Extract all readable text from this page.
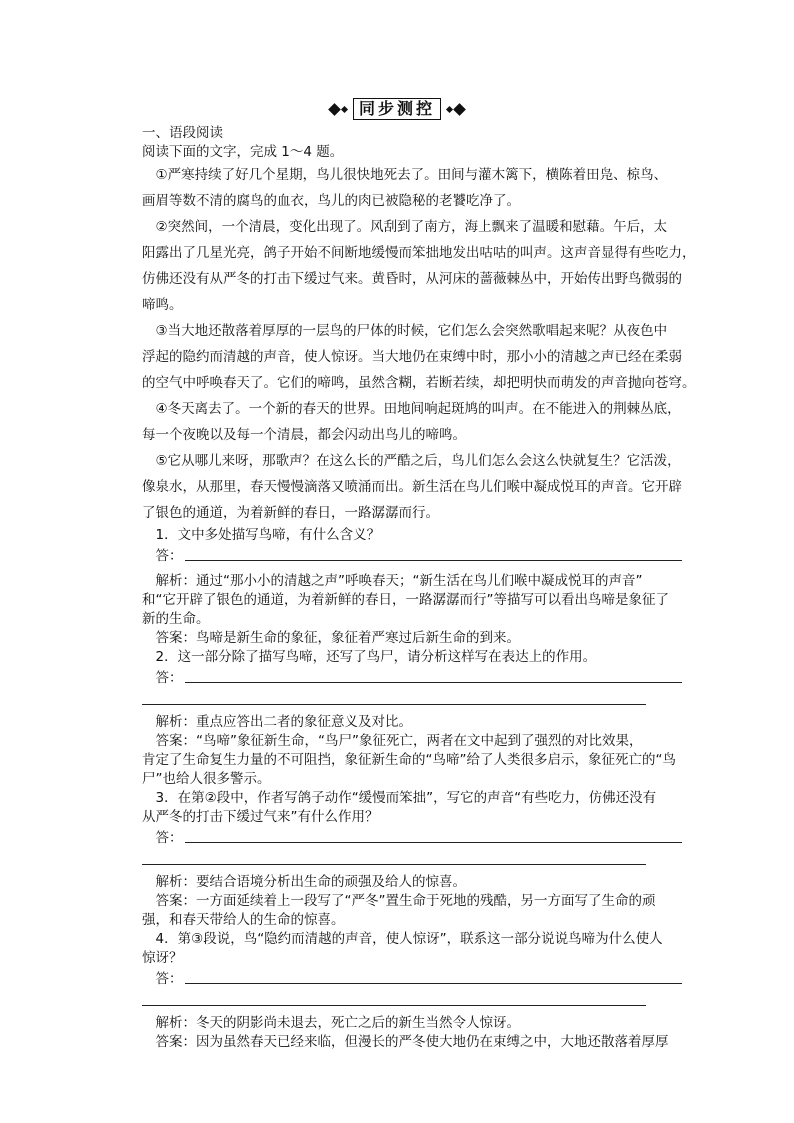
同步测控
一、语段阅读
阅读下面的文字，完成 1～4 题。
　①严寒持续了好几个星期，鸟儿很快地死去了。田间与灌木篱下，横陈着田凫、椋鸟、
画眉等数不清的腐鸟的血衣，鸟儿的肉已被隐秘的老饕吃净了。
　②突然间，一个清晨，变化出现了。风刮到了南方，海上飘来了温暖和慰藉。午后，太
阳露出了几星光亮，鸽子开始不间断地缓慢而笨拙地发出咕咕的叫声。这声音显得有些吃力，
仿佛还没有从严冬的打击下缓过气来。黄昏时，从河床的蔷薇棘丛中，开始传出野鸟微弱的
啼鸣。
　③当大地还散落着厚厚的一层鸟的尸体的时候，它们怎么会突然歌唱起来呢？从夜色中
浮起的隐约而清越的声音，使人惊讶。当大地仍在束缚中时，那小小的清越之声已经在柔弱
的空气中呼唤春天了。它们的啼鸣，虽然含糊，若断若续，却把明快而萌发的声音抛向苍穹。
　④冬天离去了。一个新的春天的世界。田地间响起斑鸠的叫声。在不能进入的荆棘丛底，
每一个夜晚以及每一个清晨，都会闪动出鸟儿的啼鸣。
　⑤它从哪儿来呀，那歌声？在这么长的严酷之后，鸟儿们怎么会这么快就复生？它活泼，
像泉水，从那里，春天慢慢滴落又喷涌而出。新生活在鸟儿们喉中凝成悦耳的声音。它开辟
了银色的通道，为着新鲜的春日，一路潺潺而行。
　1．文中多处描写鸟啼，有什么含义？
　答：
　解析：通过“那小小的清越之声”呼唤春天；“新生活在鸟儿们喉中凝成悦耳的声音”
和“它开辟了银色的通道，为着新鲜的春日，一路潺潺而行”等描写可以看出鸟啼是象征了
新的生命。
　答案：鸟啼是新生命的象征，象征着严寒过后新生命的到来。
　2．这一部分除了描写鸟啼，还写了鸟尸，请分析这样写在表达上的作用。
　答：
　解析：重点应答出二者的象征意义及对比。
　答案：“鸟啼”象征新生命，“鸟尸”象征死亡，两者在文中起到了强烈的对比效果，
肯定了生命复生力量的不可阻挡，象征新生命的“鸟啼”给了人类很多启示，象征死亡的“鸟
尸”也给人很多警示。
　3．在第②段中，作者写鸽子动作“缓慢而笨拙”，写它的声音“有些吃力，仿佛还没有
从严冬的打击下缓过气来”有什么作用？
　答：
　解析：要结合语境分析出生命的顽强及给人的惊喜。
　答案：一方面延续着上一段写了“严冬”置生命于死地的残酷，另一方面写了生命的顽
强，和春天带给人的生命的惊喜。
　4．第③段说，鸟“隐约而清越的声音，使人惊讶”，联系这一部分说说鸟啼为什么使人
惊讶？
　答：
　解析：冬天的阴影尚未退去，死亡之后的新生当然令人惊讶。
　答案：因为虽然春天已经来临，但漫长的严冬使大地仍在束缚之中，大地还散落着厚厚
